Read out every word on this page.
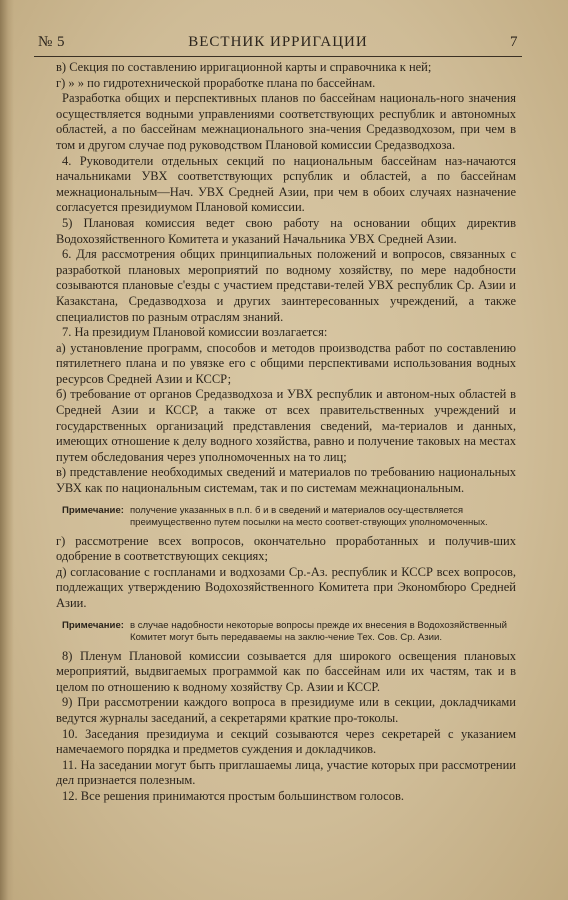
ВЕСТНИК ИРРИГАЦИИ
№ 5	7

в) Секция по составлению ирригационной карты и справочника к ней;

г) » » по гидротехнической проработке плана по бассейнам.

Разработка общих и перспективных планов по бассейнам националь-ного значения осуществляется водными управлениями соответствующих республик и автономных областей, а по бассейнам межнационального зна-чения Средазводхозом, при чем в том и другом случае под руководством Плановой комиссии Средазводхоза.

4. Руководители отдельных секций по национальным бассейнам наз-начаются начальниками УВХ соответствующих рспублик и областей, а по бассейнам межнациональным—Нач. УВХ Средней Азии, при чем в обоих случаях назначение согласуется президиумом Плановой комиссии.

5) Плановая комиссия ведет свою работу на основании общих директив Водохозяйственного Комитета и указаний Начальника УВХ Средней Азии.

6. Для рассмотрения общих принципиальных положений и вопросов, связанных с разработкой плановых мероприятий по водному хозяйству, по мере надобности созываются плановые с'езды с участием представи-телей УВХ республик Ср. Азии и Казакстана, Средазводхоза и других заинтересованных учреждений, а также специалистов по разным отраслям знаний.

7. На президиум Плановой комиссии возлагается:

а) установление программ, способов и методов производства работ по составлению пятилетнего плана и по увязке его с общими перспективами использования водных ресурсов Средней Азии и КССР;

б) требование от органов Средазводхоза и УВХ республик и автоном-ных областей в Средней Азии и КССР, а также от всех правительственных учреждений и государственных организаций представления сведений, ма-териалов и данных, имеющих отношение к делу водного хозяйства, равно и получение таковых на местах путем обследования через уполномоченных на то лиц;

в) представление необходимых сведений и материалов по требованию национальных УВХ как по национальным системам, так и по системам межнациональным.

Примечание: получение указанных в п.п. б и в сведений и материалов осу-ществляется преимущественно путем посылки на место соответ-ствующих уполномоченных.

г) рассмотрение всех вопросов, окончательно проработанных и получив-ших одобрение в соответствующих секциях;

д) согласование с госпланами и водхозами Ср.-Аз. республик и КССР всех вопросов, подлежащих утверждению Водохозяйственного Комитета при Экономбюро Средней Азии.

Примечание: в случае надобности некоторые вопросы прежде их внесения в Водохозяйственный Комитет могут быть передаваемы на заклю-чение Тех. Сов. Ср. Азии.

8) Пленум Плановой комиссии созывается для широкого освещения плановых мероприятий, выдвигаемых программой как по бассейнам или их частям, так и в целом по отношению к водному хозяйству Ср. Азии и КССР.

9) При рассмотрении каждого вопроса в президиуме или в секции, докладчиками ведутся журналы заседаний, а секретарями краткие про-токолы.

10. Заседания президиума и секций созываются через секретарей с указанием намечаемого порядка и предметов суждения и докладчиков.

11. На заседании могут быть приглашаемы лица, участие которых при рассмотрении дел признается полезным.

12. Все решения принимаются простым большинством голосов.
